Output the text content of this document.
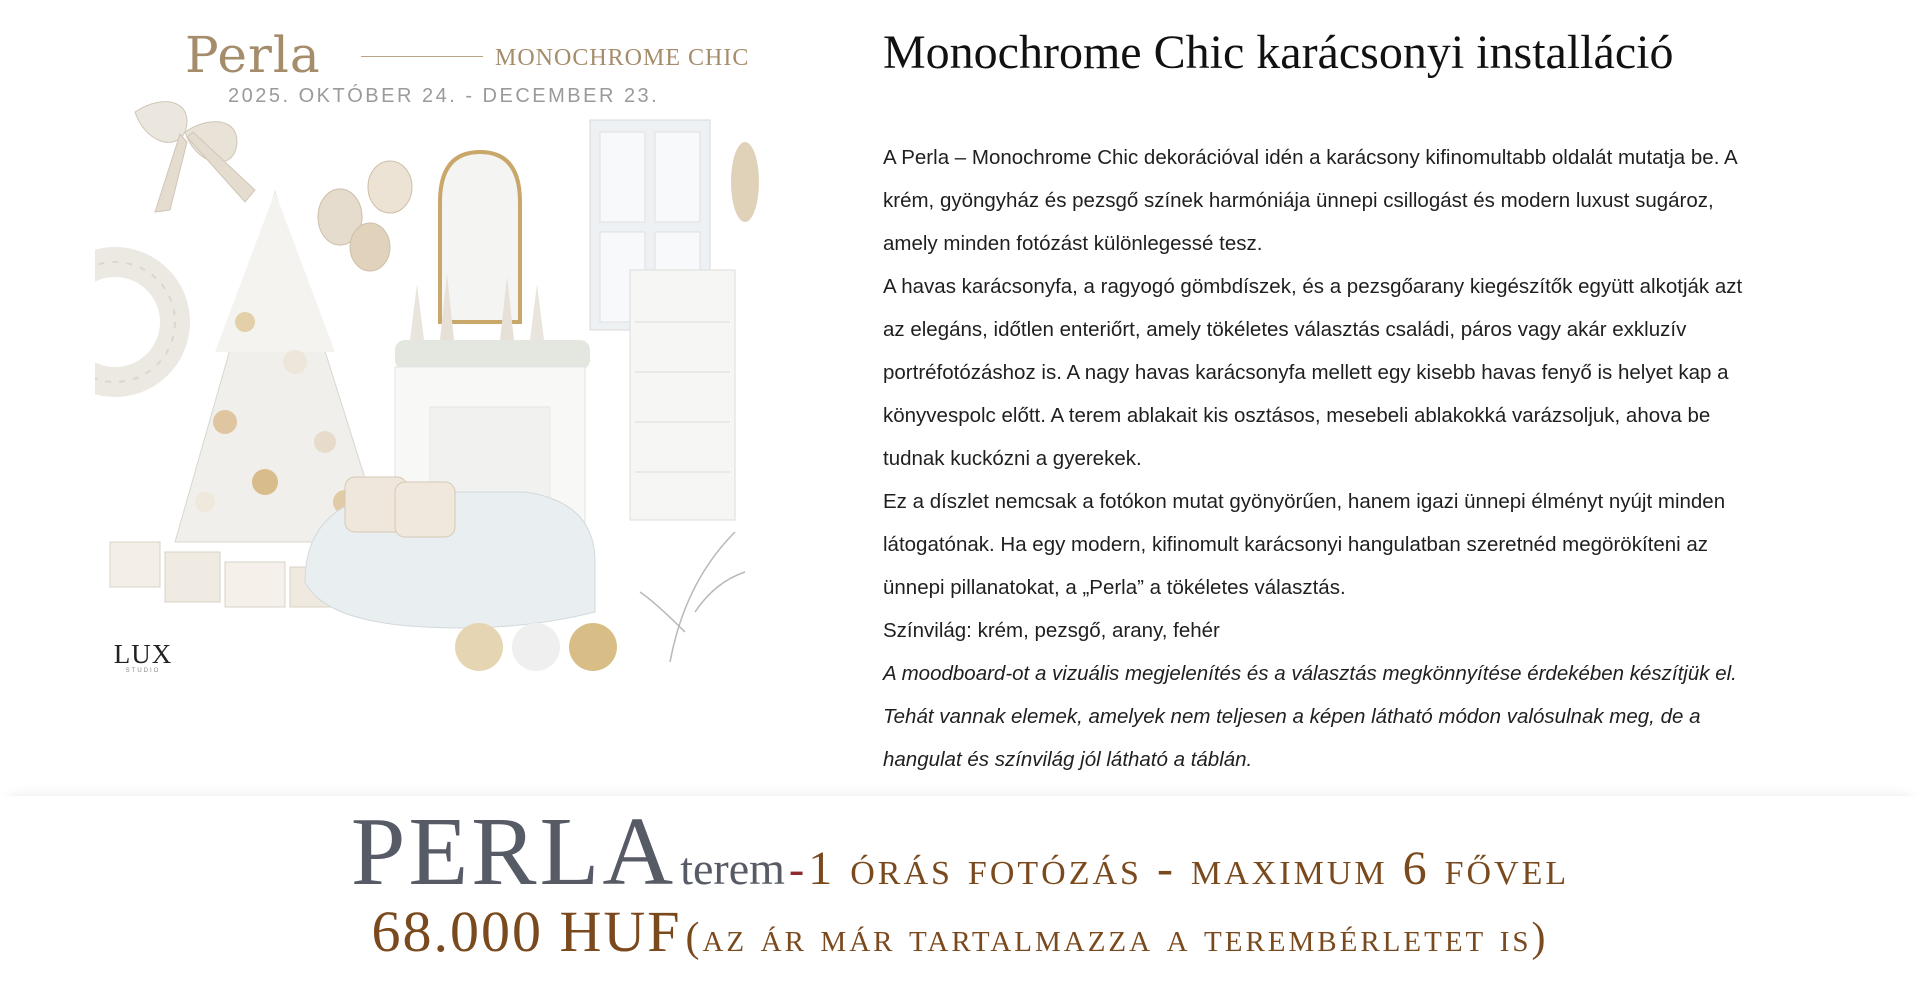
Perla	MONOCHROME CHIC
2025. OKTÓBER 24. - DECEMBER 23.
LUX
STUDIO
Monochrome Chic karácsonyi installáció

A Perla – Monochrome Chic dekorációval idén a karácsony kifinomultabb oldalát mutatja be. A krém, gyöngyház és pezsgő színek harmóniája ünnepi csillogást és modern luxust sugároz, amely minden fotózást különlegessé tesz.

A havas karácsonyfa, a ragyogó gömbdíszek, és a pezsgőarany kiegészítők együtt alkotják azt az elegáns, időtlen enteriőrt, amely tökéletes választás családi, páros vagy akár exkluzív portréfotózáshoz is. A nagy havas karácsonyfa mellett egy kisebb havas fenyő is helyet kap a könyvespolc előtt. A terem ablakait kis osztásos, mesebeli ablakokká varázsoljuk, ahova be tudnak kuckózni a gyerekek.

Ez a díszlet nemcsak a fotókon mutat gyönyörűen, hanem igazi ünnepi élményt nyújt minden látogatónak. Ha egy modern, kifinomult karácsonyi hangulatban szeretnéd megörökíteni az ünnepi pillanatokat, a „Perla” a tökéletes választás.

Színvilág: krém, pezsgő, arany, fehér

A moodboard-ot a vizuális megjelenítés és a választás megkönnyítése érdekében készítjük el. Tehát vannak elemek, amelyek nem teljesen a képen látható módon valósulnak meg, de a hangulat és színvilág jól látható a táblán.

PERLA terem - 1 órás fotózás - maximum 6 fővel
68.000 HUF (az ár már tartalmazza a terembérletet is)
